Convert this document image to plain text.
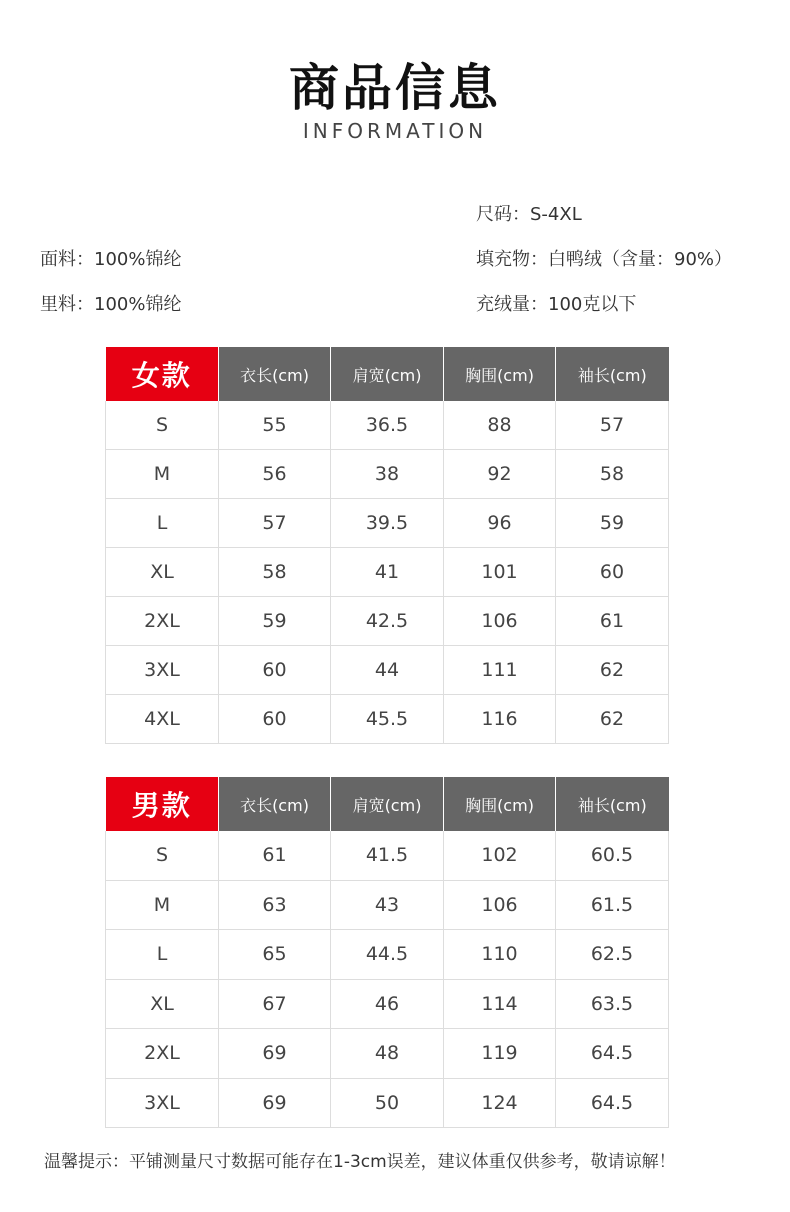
商品信息
INFORMATION
尺码：S-4XL
面料：100%锦纶	填充物：白鸭绒（含量：90%）
里料：100%锦纶	充绒量：100克以下
女款	衣长(cm)	肩宽(cm)	胸围(cm)	袖长(cm)
S	55	36.5	88	57
M	56	38	92	58
L	57	39.5	96	59
XL	58	41	101	60
2XL	59	42.5	106	61
3XL	60	44	111	62
4XL	60	45.5	116	62
男款	衣长(cm)	肩宽(cm)	胸围(cm)	袖长(cm)
S	61	41.5	102	60.5
M	63	43	106	61.5
L	65	44.5	110	62.5
XL	67	46	114	63.5
2XL	69	48	119	64.5
3XL	69	50	124	64.5
温馨提示：平铺测量尺寸数据可能存在1-3cm误差，建议体重仅供参考，敬请谅解！
